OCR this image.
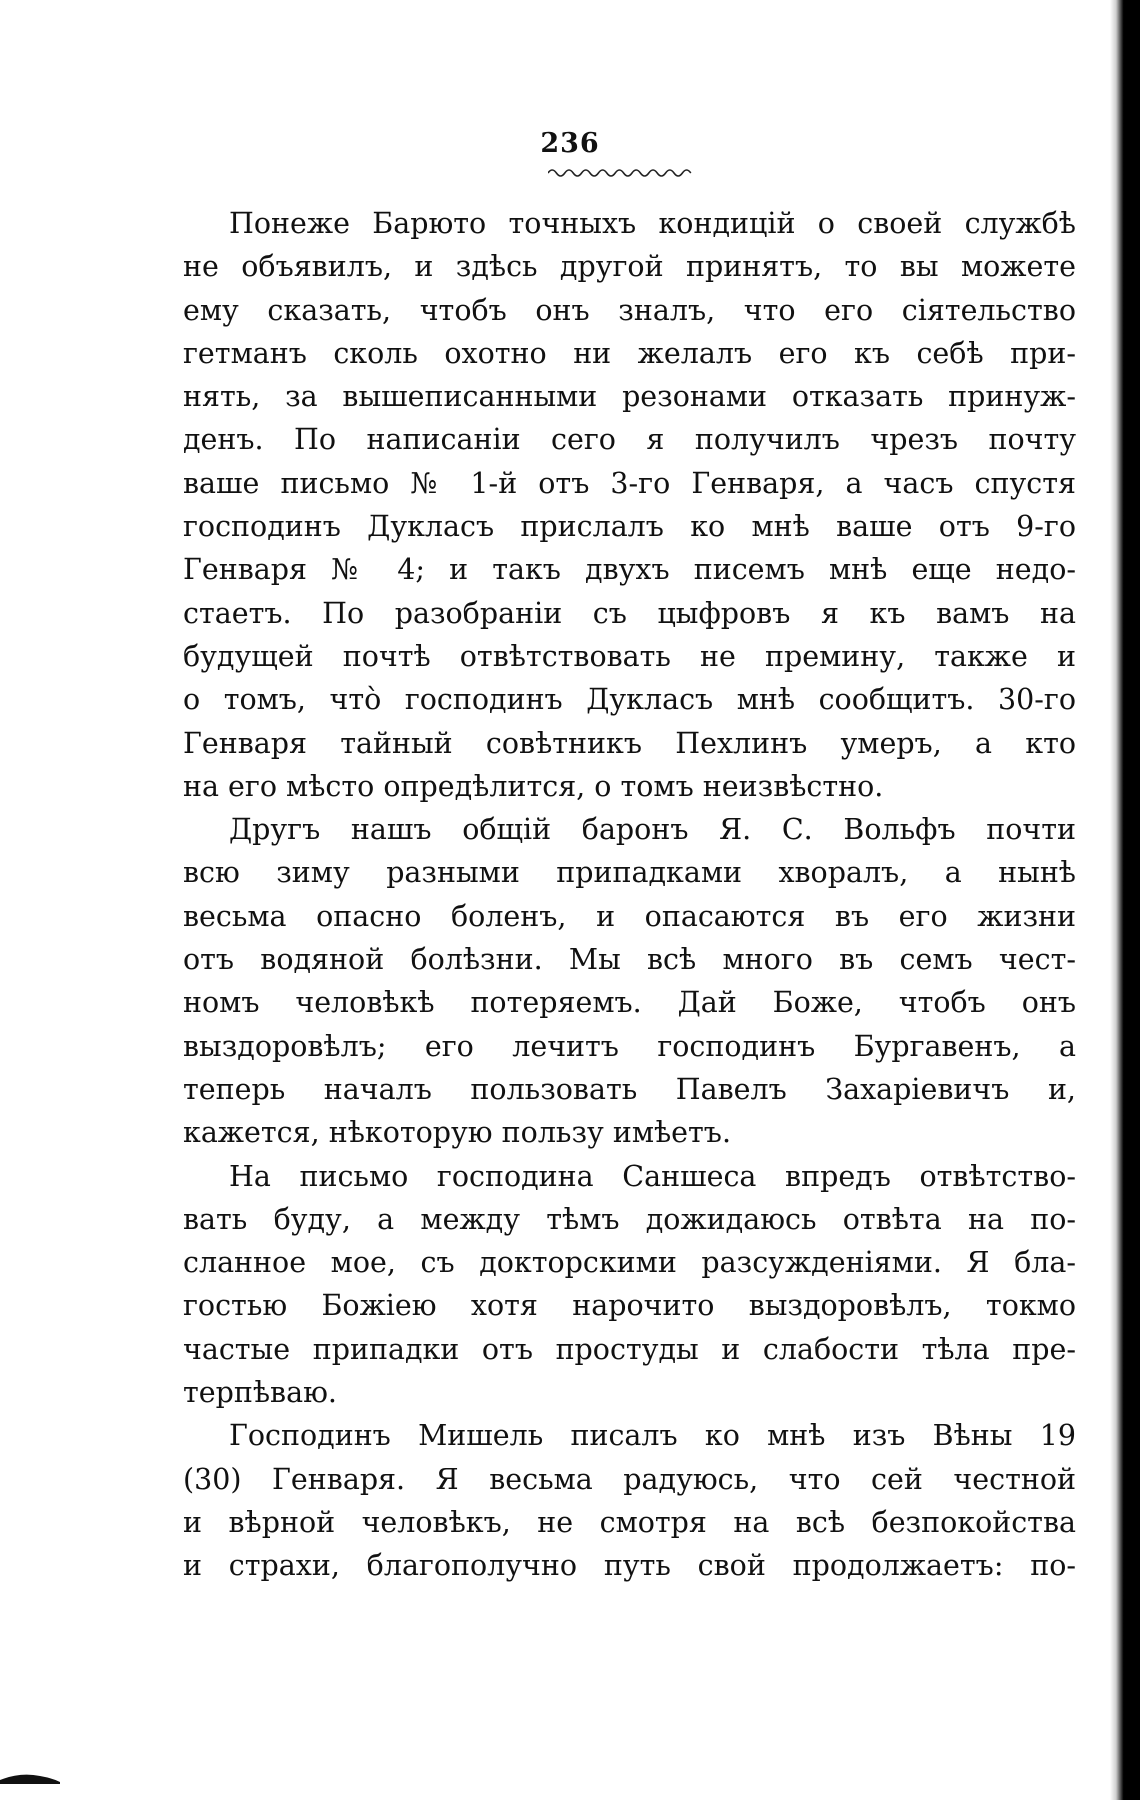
236
Понеже Барюто точныхъ кондицій о своей службѣ
не объявилъ, и здѣсь другой принятъ, то вы можете
ему сказать, чтобъ онъ зналъ, что его сіятельство
гетманъ сколь охотно ни желалъ его къ себѣ при-
нять, за вышеписанными резонами отказать принуж-
денъ. По написаніи сего я получилъ чрезъ почту
ваше письмо № 1-й отъ 3-го Генваря, а часъ спустя
господинъ Дукласъ прислалъ ко мнѣ ваше отъ 9-го
Генваря № 4; и такъ двухъ писемъ мнѣ еще недо-
стаетъ. По разобраніи съ цыфровъ я къ вамъ на
будущей почтѣ отвѣтствовать не премину, также и
о томъ, что̀ господинъ Дукласъ мнѣ сообщитъ. 30-го
Генваря тайный совѣтникъ Пехлинъ умеръ, а кто
на его мѣсто опредѣлится, о томъ неизвѣстно.
Другъ нашъ общій баронъ Я. С. Вольфъ почти
всю зиму разными припадками хворалъ, а нынѣ
весьма опасно боленъ, и опасаются въ его жизни
отъ водяной болѣзни. Мы всѣ много въ семъ чест-
номъ человѣкѣ потеряемъ. Дай Боже, чтобъ онъ
выздоровѣлъ; его лечитъ господинъ Бургавенъ, а
теперь началъ пользовать Павелъ Захаріевичъ и,
кажется, нѣкоторую пользу имѣетъ.
На письмо господина Саншеса впредъ отвѣтство-
вать буду, а между тѣмъ дожидаюсь отвѣта на по-
сланное мое, съ докторскими разсужденіями. Я бла-
гостью Божіею хотя нарочито выздоровѣлъ, токмо
частые припадки отъ простуды и слабости тѣла пре-
терпѣваю.
Господинъ Мишель писалъ ко мнѣ изъ Вѣны 19
(30) Генваря. Я весьма радуюсь, что сей честной
и вѣрной человѣкъ, не смотря на всѣ безпокойства
и страхи, благополучно путь свой продолжаетъ: по-
